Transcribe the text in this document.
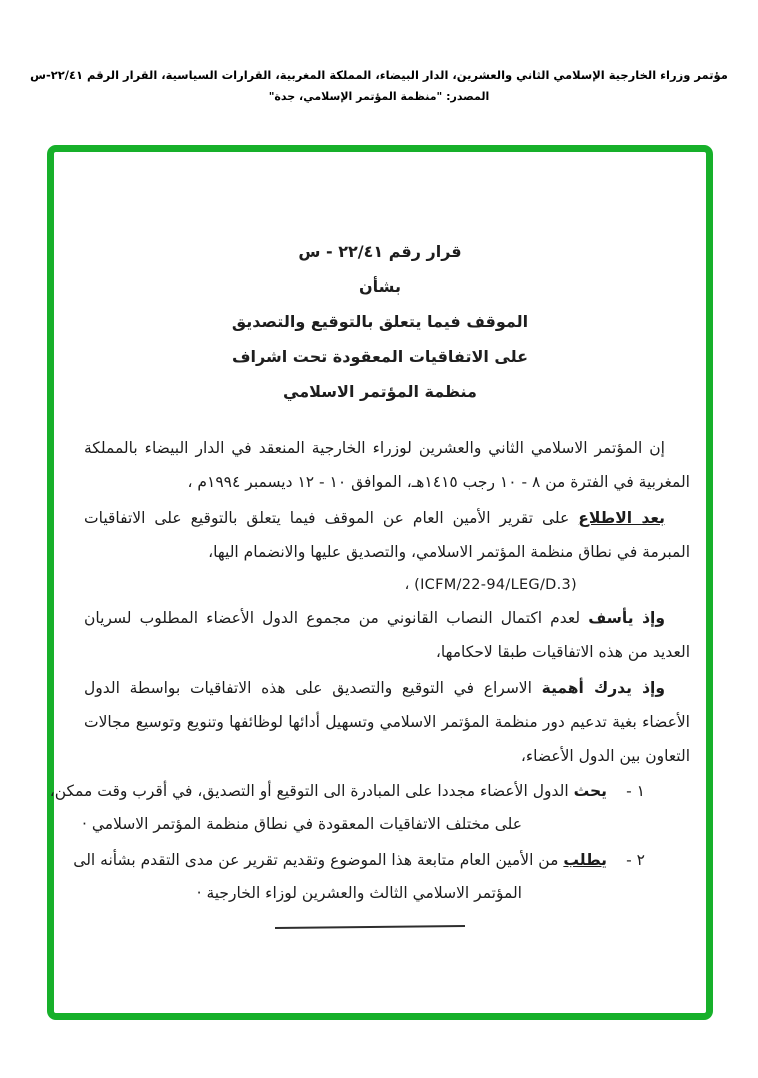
مؤتمر وزراء الخارجية الإسلامي الثاني والعشرين، الدار البيضاء، المملكة المغربية، القرارات السياسية، القرار الرقم ٢٢/٤١-س
المصدر: "منظمة المؤتمر الإسلامي، جدة"
قرار رقم ٢٢/٤١ - س
بشأن
الموقف فيما يتعلق بالتوقيع والتصديق
على الاتفاقيات المعقودة تحت اشراف
منظمة المؤتمر الاسلامي

إن المؤتمر الاسلامي الثاني والعشرين لوزراء الخارجية المنعقد في الدار البيضاء بالمملكة المغربية في الفترة من ٨ - ١٠ رجب ١٤١٥هـ، الموافق ١٠ - ١٢ ديسمبر ١٩٩٤م ،

بعد الاطلاع على تقرير الأمين العام عن الموقف فيما يتعلق بالتوقيع على الاتفاقيات المبرمة في نطاق منظمة المؤتمر الاسلامي، والتصديق عليها والانضمام اليها،

(ICFM/22-94/LEG/D.3) ،

وإذ يأسف لعدم اكتمال النصاب القانوني من مجموع الدول الأعضاء المطلوب لسريان العديد من هذه الاتفاقيات طبقا لاحكامها،

وإذ يدرك أهمية الاسراع في التوقيع والتصديق على هذه الاتفاقيات بواسطة الدول الأعضاء بغية تدعيم دور منظمة المؤتمر الاسلامي وتسهيل أدائها لوظائفها وتنويع وتوسيع مجالات التعاون بين الدول الأعضاء،

١ -
يحث الدول الأعضاء مجددا على المبادرة الى التوقيع أو التصديق، في أقرب وقت ممكن،
على مختلف الاتفاقيات المعقودة في نطاق منظمة المؤتمر الاسلامي ·
٢ -
يطلب من الأمين العام متابعة هذا الموضوع وتقديم تقرير عن مدى التقدم بشأنه الى
المؤتمر الاسلامي الثالث والعشرين لوزاء الخارجية ·
